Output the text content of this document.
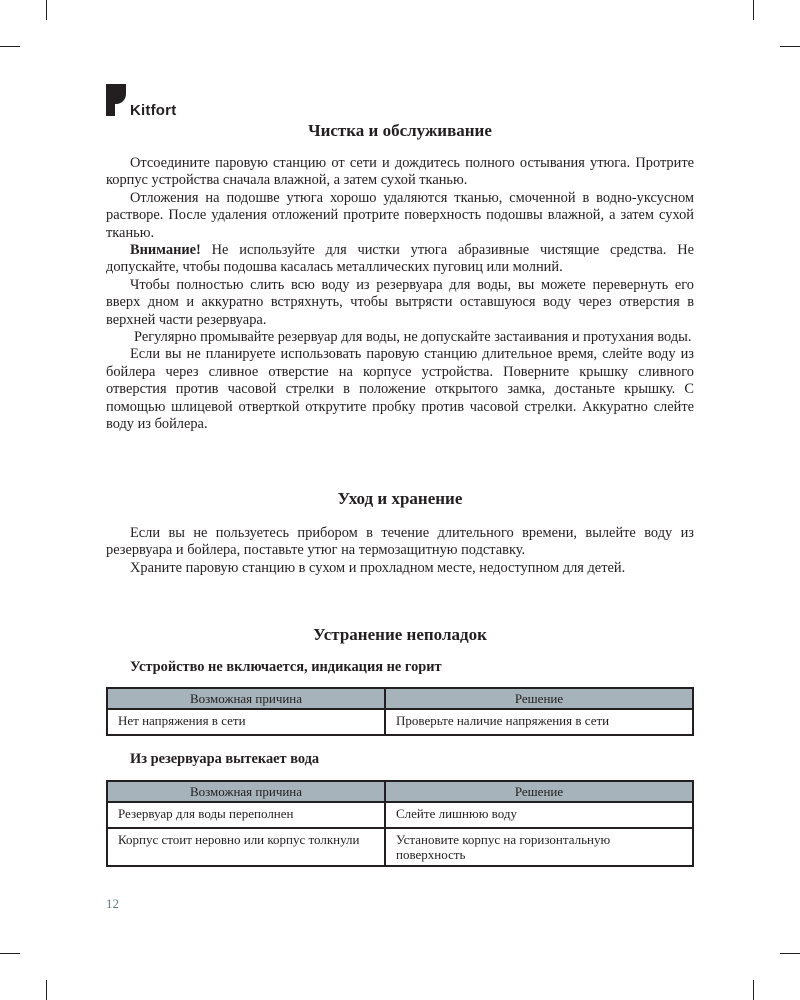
Kitfort
Чистка и обслуживание

Отсоедините паровую станцию от сети и дождитесь полного остывания утюга. Протрите корпус устройства сначала влажной, а затем сухой тканью.

Отложения на подошве утюга хорошо удаляются тканью, смоченной в водно-уксусном растворе. После удаления отложений протрите поверхность подошвы влажной, а затем сухой тканью.

Внимание! Не используйте для чистки утюга абразивные чистящие средства. Не допускайте, чтобы подошва касалась металлических пуговиц или молний.

Чтобы полностью слить всю воду из резервуара для воды, вы можете перевернуть его вверх дном и аккуратно встряхнуть, чтобы вытрясти оставшуюся воду через отверстия в верхней части резервуара.

Регулярно промывайте резервуар для воды, не допускайте застаивания и протухания воды.

Если вы не планируете использовать паровую станцию длительное время, слейте воду из бойлера через сливное отверстие на корпусе устройства. Поверните крышку сливного отверстия против часовой стрелки в положение открытого замка, достаньте крышку. С помощью шлицевой отверткой открутите пробку против часовой стрелки. Аккуратно слейте воду из бойлера.

Уход и хранение

Если вы не пользуетесь прибором в течение длительного времени, вылейте воду из резервуара и бойлера, поставьте утюг на термозащитную подставку.

Храните паровую станцию в сухом и прохладном месте, недоступном для детей.

Устранение неполадок
Устройство не включается, индикация не горит
Возможная причина	Решение
Нет напряжения в сети	Проверьте наличие напряжения в сети
Из резервуара вытекает вода
Возможная причина	Решение
Резервуар для воды переполнен	Слейте лишнюю воду
Корпус стоит неровно или корпус толкнули	Установите корпус на горизонтальную поверхность
12
